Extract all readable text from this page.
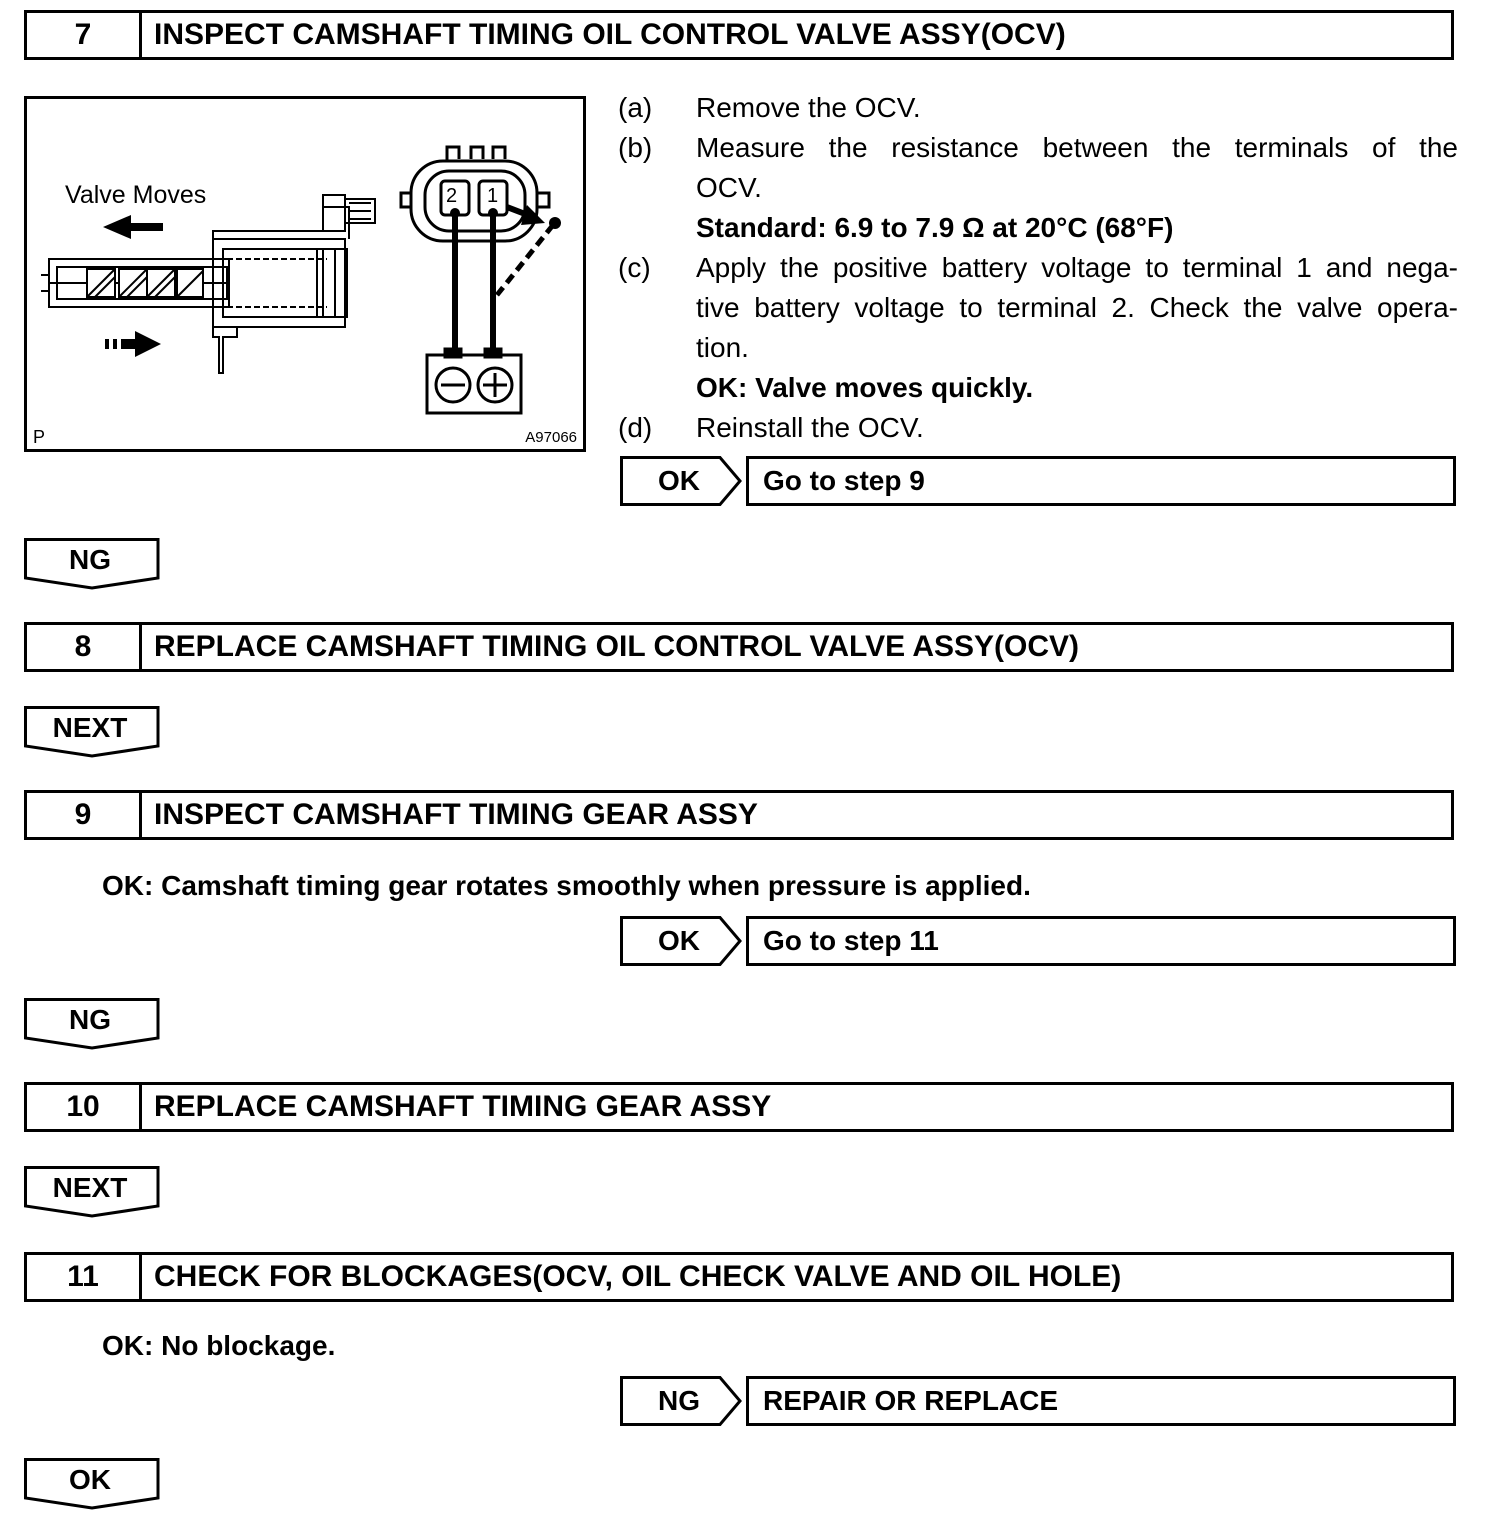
7	INSPECT CAMSHAFT TIMING OIL CONTROL VALVE ASSY(OCV)
Valve Moves	2 1
P	A97066
(a)	Remove the OCV.
(b)	Measure the resistance between the terminals of the
OCV.
Standard: 6.9 to 7.9 Ω at 20°C (68°F)
(c)	Apply the positive battery voltage to terminal 1 and nega-
tive battery voltage to terminal 2. Check the valve opera-
tion.
OK: Valve moves quickly.
(d)	Reinstall the OCV.
OK	Go to step 9
NG
8	REPLACE CAMSHAFT TIMING OIL CONTROL VALVE ASSY(OCV)
NEXT
9	INSPECT CAMSHAFT TIMING GEAR ASSY
OK: Camshaft timing gear rotates smoothly when pressure is applied.
OK	Go to step 11
NG
10	REPLACE CAMSHAFT TIMING GEAR ASSY
NEXT
11	CHECK FOR BLOCKAGES(OCV, OIL CHECK VALVE AND OIL HOLE)
OK: No blockage.
NG	REPAIR OR REPLACE
OK
